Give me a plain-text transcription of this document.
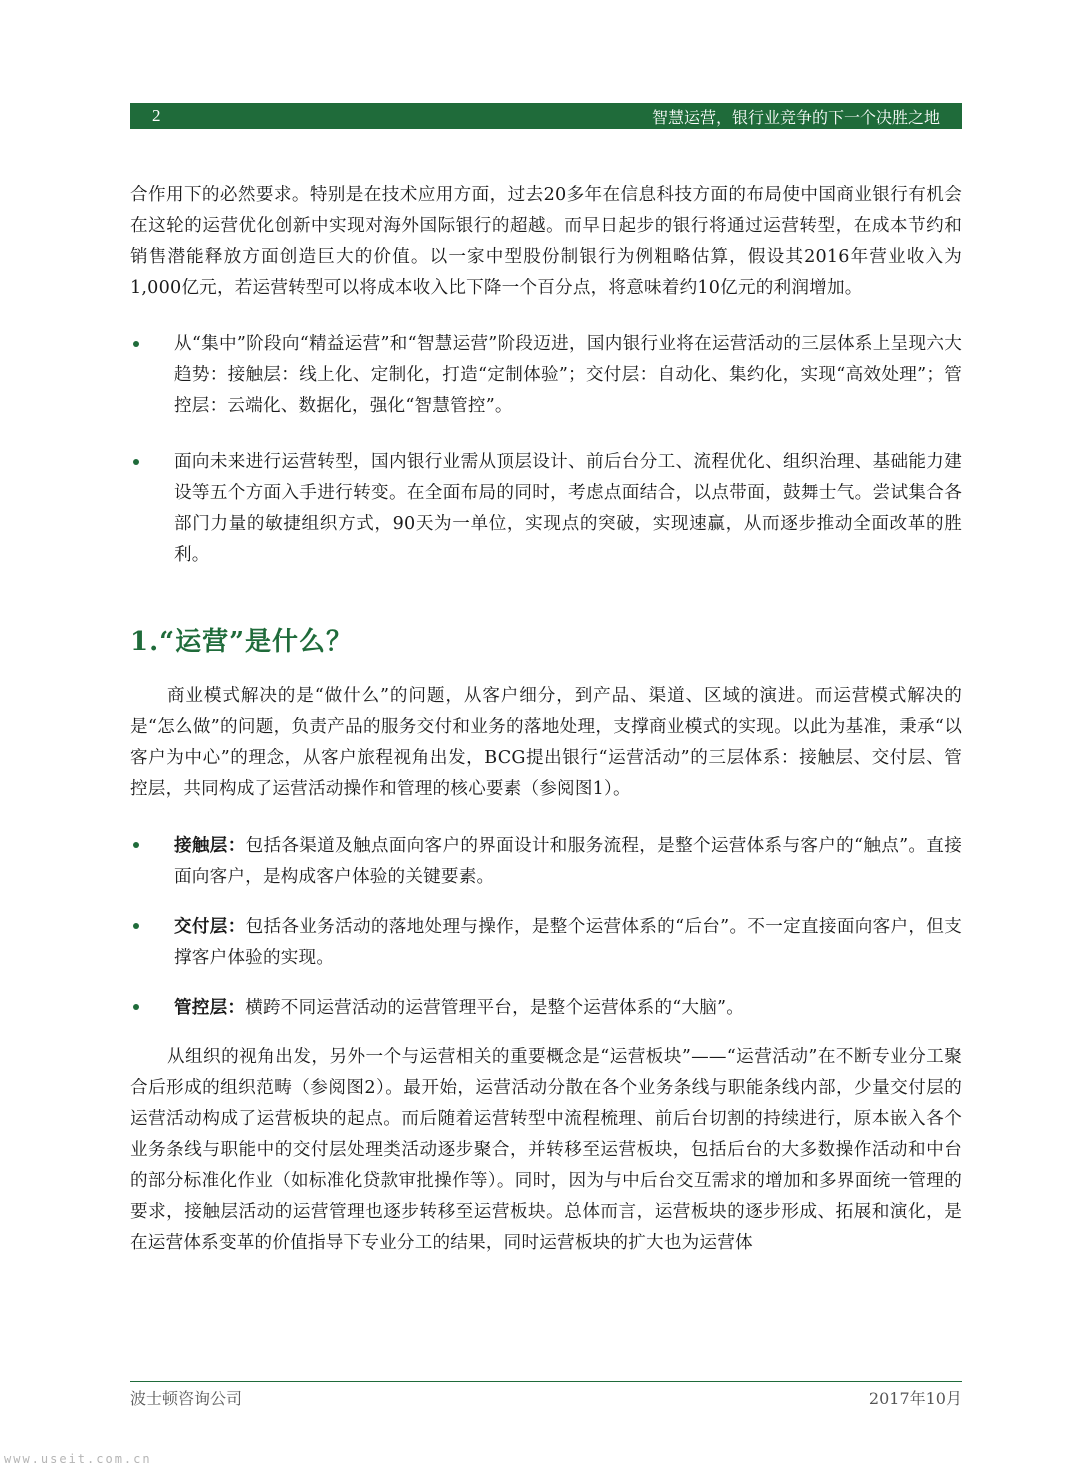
2	智慧运营，银行业竞争的下一个决胜之地

合作用下的必然要求。特别是在技术应用方面，过去20多年在信息科技方面的布局使中国商业银行有机会在这轮的运营优化创新中实现对海外国际银行的超越。而早日起步的银行将通过运营转型，在成本节约和销售潜能释放方面创造巨大的价值。以一家中型股份制银行为例粗略估算，假设其2016年营业收入为1,000亿元，若运营转型可以将成本收入比下降一个百分点，将意味着约10亿元的利润增加。

从“集中”阶段向“精益运营”和“智慧运营”阶段迈进，国内银行业将在运营活动的三层体系上呈现六大趋势：接触层：线上化、定制化，打造“定制体验”；交付层：自动化、集约化，实现“高效处理”；管控层：云端化、数据化，强化“智慧管控”。
面向未来进行运营转型，国内银行业需从顶层设计、前后台分工、流程优化、组织治理、基础能力建设等五个方面入手进行转变。在全面布局的同时，考虑点面结合，以点带面，鼓舞士气。尝试集合各部门力量的敏捷组织方式，90天为一单位，实现点的突破，实现速赢，从而逐步推动全面改革的胜利。
1.“运营”是什么？

商业模式解决的是“做什么”的问题，从客户细分，到产品、渠道、区域的演进。而运营模式解决的是“怎么做”的问题，负责产品的服务交付和业务的落地处理，支撑商业模式的实现。以此为基准，秉承“以客户为中心”的理念，从客户旅程视角出发，BCG提出银行“运营活动”的三层体系：接触层、交付层、管控层，共同构成了运营活动操作和管理的核心要素（参阅图1）。

接触层：包括各渠道及触点面向客户的界面设计和服务流程，是整个运营体系与客户的“触点”。直接面向客户，是构成客户体验的关键要素。
交付层：包括各业务活动的落地处理与操作，是整个运营体系的“后台”。不一定直接面向客户，但支撑客户体验的实现。
管控层：横跨不同运营活动的运营管理平台，是整个运营体系的“大脑”。

从组织的视角出发，另外一个与运营相关的重要概念是“运营板块”——“运营活动”在不断专业分工聚合后形成的组织范畴（参阅图2）。最开始，运营活动分散在各个业务条线与职能条线内部，少量交付层的运营活动构成了运营板块的起点。而后随着运营转型中流程梳理、前后台切割的持续进行，原本嵌入各个业务条线与职能中的交付层处理类活动逐步聚合，并转移至运营板块，包括后台的大多数操作活动和中台的部分标准化作业（如标准化贷款审批操作等）。同时，因为与中后台交互需求的增加和多界面统一管理的要求，接触层活动的运营管理也逐步转移至运营板块。总体而言，运营板块的逐步形成、拓展和演化，是在运营体系变革的价值指导下专业分工的结果，同时运营板块的扩大也为运营体

波士顿咨询公司	2017年10月
www.useit.com.cn
